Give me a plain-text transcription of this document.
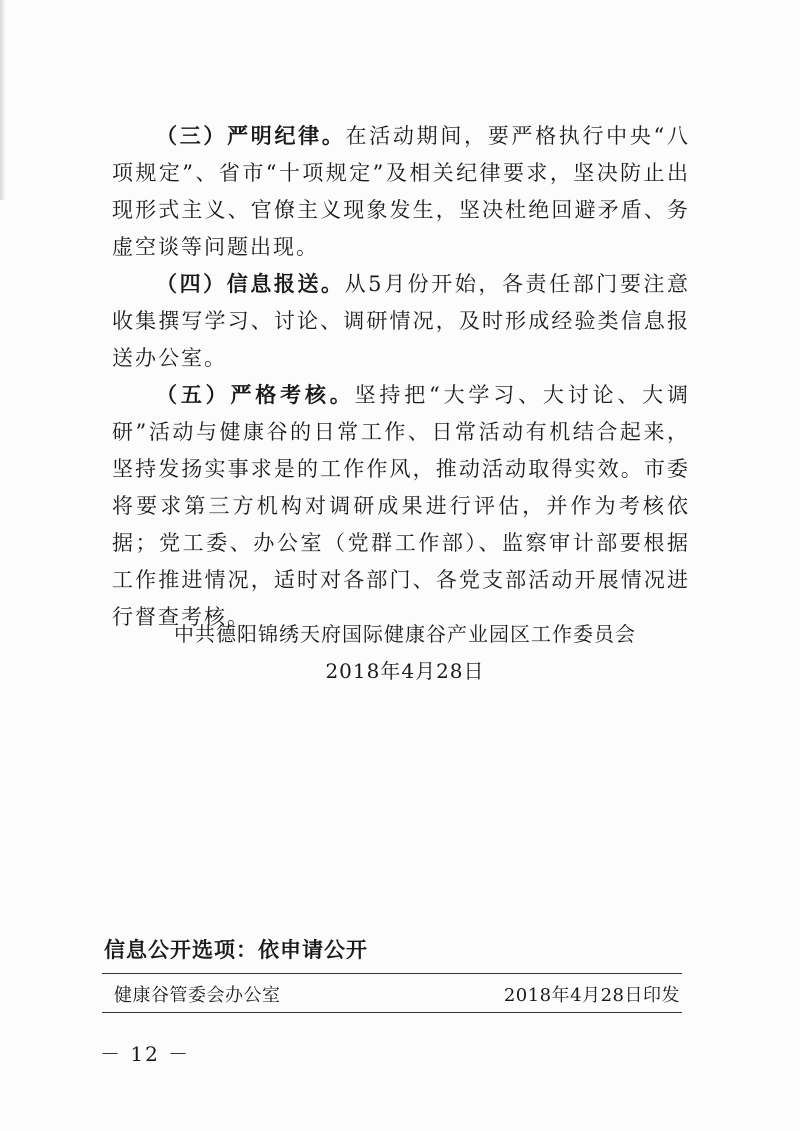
（三）严明纪律。在活动期间，要严格执行中央“八项规定”、省市“十项规定”及相关纪律要求，坚决防止出现形式主义、官僚主义现象发生，坚决杜绝回避矛盾、务虚空谈等问题出现。

（四）信息报送。从5月份开始，各责任部门要注意收集撰写学习、讨论、调研情况，及时形成经验类信息报送办公室。

（五）严格考核。坚持把“大学习、大讨论、大调研”活动与健康谷的日常工作、日常活动有机结合起来，坚持发扬实事求是的工作作风，推动活动取得实效。市委将要求第三方机构对调研成果进行评估，并作为考核依据；党工委、办公室（党群工作部）、监察审计部要根据工作推进情况，适时对各部门、各党支部活动开展情况进行督查考核。

中共德阳锦绣天府国际健康谷产业园区工作委员会
2018年4月28日
信息公开选项：依申请公开
健康谷管委会办公室	2018年4月28日印发
－ 12 －
